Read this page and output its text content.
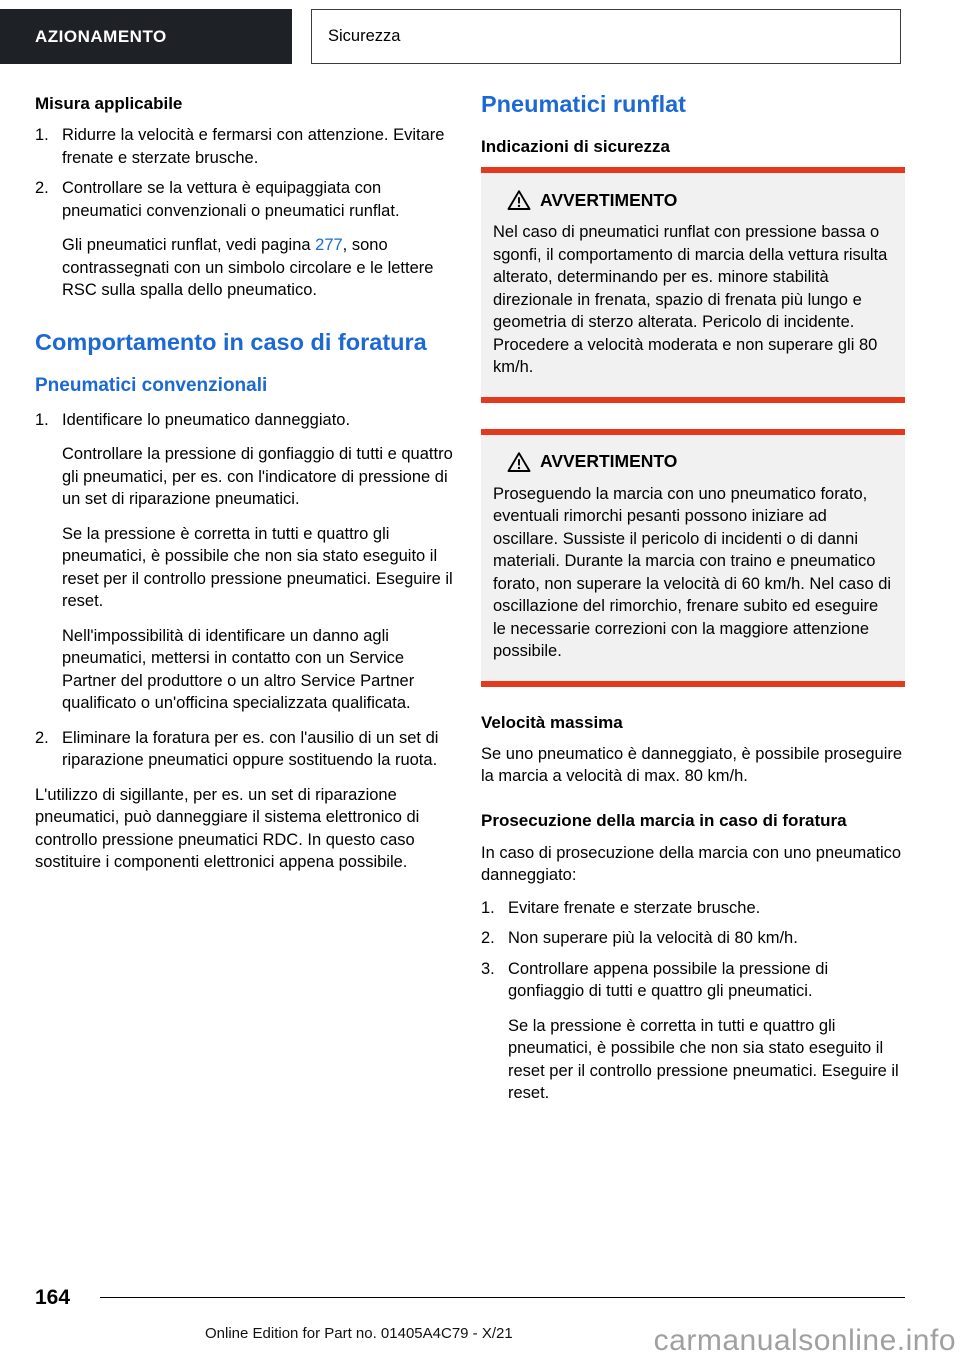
AZIONAMENTO	Sicurezza
Misura applicabile
1. Ridurre la velocità e fermarsi con attenzione. Evitare frenate e sterzate brusche.
2. Controllare se la vettura è equipaggiata con pneumatici convenzionali o pneumatici runflat.

Gli pneumatici runflat, vedi pagina 277, sono contrassegnati con un simbolo circolare e le lettere RSC sulla spalla dello pneumatico.

Comportamento in caso di foratura
Pneumatici convenzionali
1. Identificare lo pneumatico danneggiato.

Controllare la pressione di gonfiaggio di tutti e quattro gli pneumatici, per es. con l'indicatore di pressione di un set di riparazione pneumatici.

Se la pressione è corretta in tutti e quattro gli pneumatici, è possibile che non sia stato eseguito il reset per il controllo pressione pneumatici. Eseguire il reset.

Nell'impossibilità di identificare un danno agli pneumatici, mettersi in contatto con un Service Partner del produttore o un altro Service Partner qualificato o un'officina specializzata qualificata.

2. Eliminare la foratura per es. con l'ausilio di un set di riparazione pneumatici oppure sostituendo la ruota.

L'utilizzo di sigillante, per es. un set di riparazione pneumatici, può danneggiare il sistema elettronico di controllo pressione pneumatici RDC. In questo caso sostituire i componenti elettronici appena possibile.

Pneumatici runflat
Indicazioni di sicurezza
AVVERTIMENTO

Nel caso di pneumatici runflat con pressione bassa o sgonfi, il comportamento di marcia della vettura risulta alterato, determinando per es. minore stabilità direzionale in frenata, spazio di frenata più lungo e geometria di sterzo alterata. Pericolo di incidente. Procedere a velocità moderata e non superare gli 80 km/h.

AVVERTIMENTO

Proseguendo la marcia con uno pneumatico forato, eventuali rimorchi pesanti possono iniziare ad oscillare. Sussiste il pericolo di incidenti o di danni materiali. Durante la marcia con traino e pneumatico forato, non superare la velocità di 60 km/h. Nel caso di oscillazione del rimorchio, frenare subito ed eseguire le necessarie correzioni con la maggiore attenzione possibile.

Velocità massima

Se uno pneumatico è danneggiato, è possibile proseguire la marcia a velocità di max. 80 km/h.

Prosecuzione della marcia in caso di foratura

In caso di prosecuzione della marcia con uno pneumatico danneggiato:

1. Evitare frenate e sterzate brusche.
2. Non superare più la velocità di 80 km/h.
3. Controllare appena possibile la pressione di gonfiaggio di tutti e quattro gli pneumatici.

Se la pressione è corretta in tutti e quattro gli pneumatici, è possibile che non sia stato eseguito il reset per il controllo pressione pneumatici. Eseguire il reset.

164
Online Edition for Part no. 01405A4C79 - X/21	carmanualsonline.info
